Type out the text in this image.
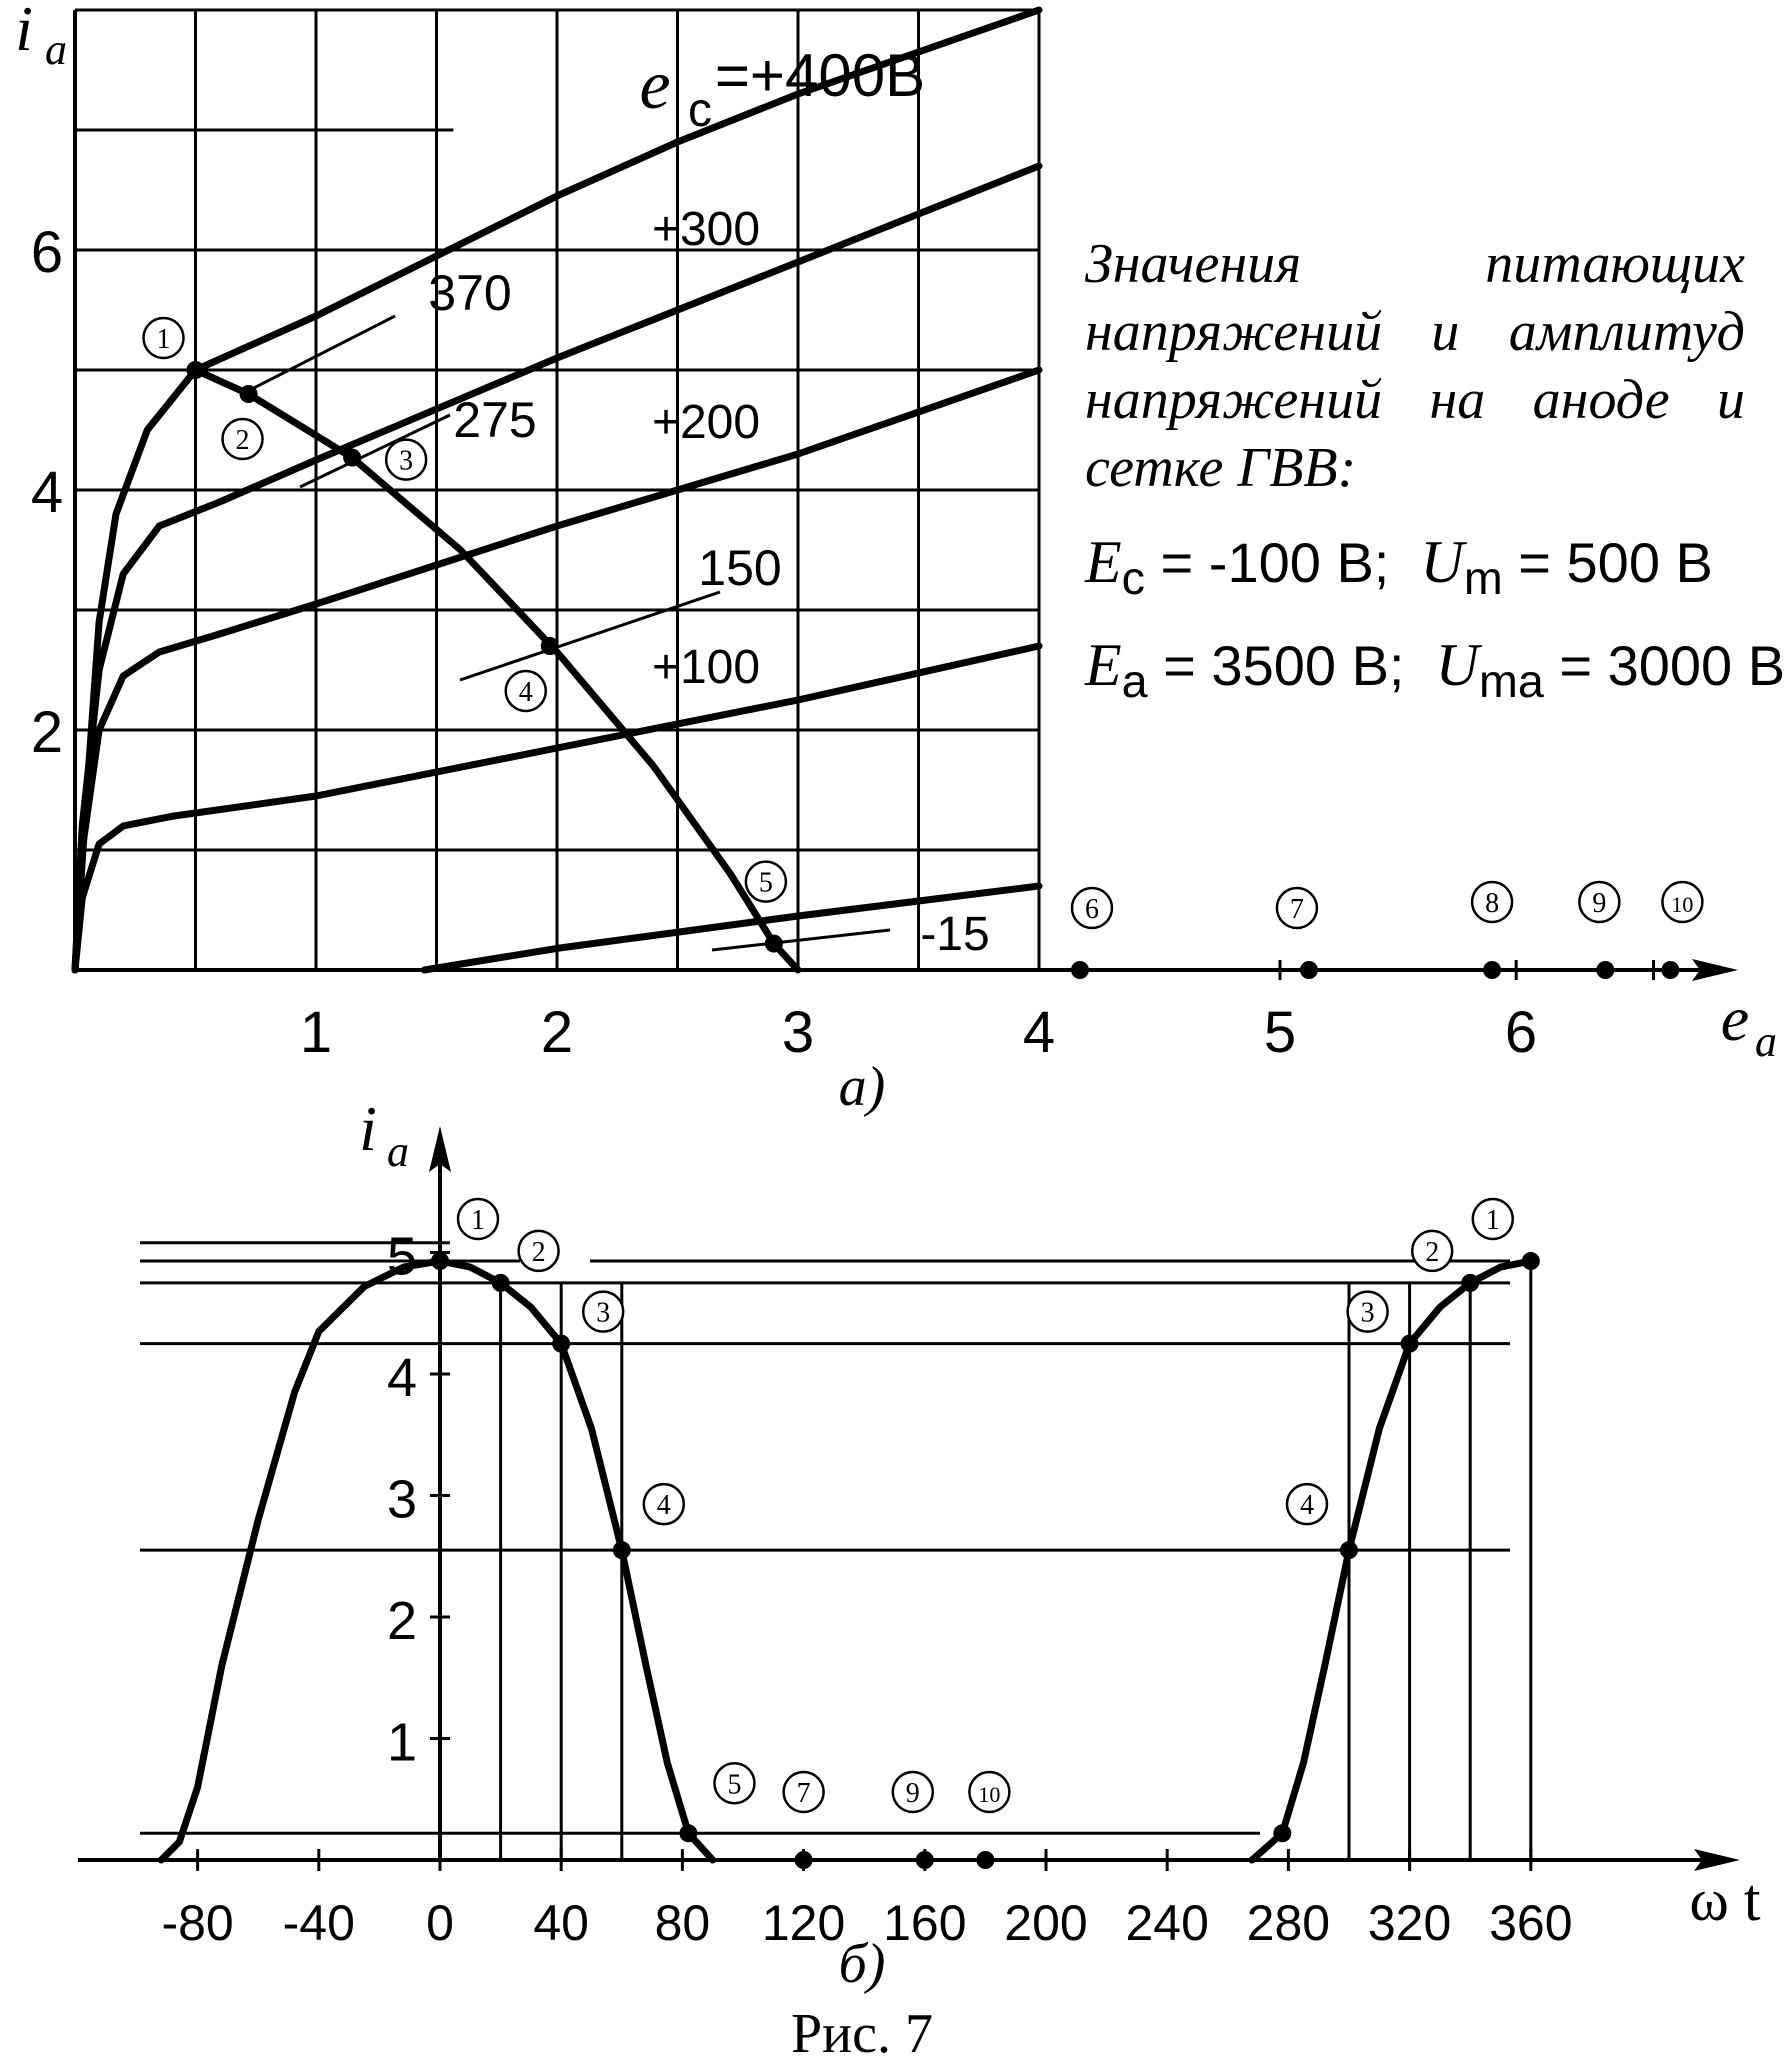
1	2	3	4	5	6
2
4
6
i a
e a
а)
+300
+200
+100
-15
e c
=+400В
370
275
150
1
2
3
4
5
6	7	8	9	10
-80 -40 0 40 80 120 160 200 240 280 320 360
1
2
3
4
5
i a
ω t
б)
1
2
3
4
5 7	9	10
1
2
3
4
Рис. 7
Значения питающих напряжений и амплитуд напряжений на аноде и сетке ГВВ:
$E_c = -100$ В; $U_m = 500$ В
$E_a = 3500$ В; $U_{ma} = 3000$ В
